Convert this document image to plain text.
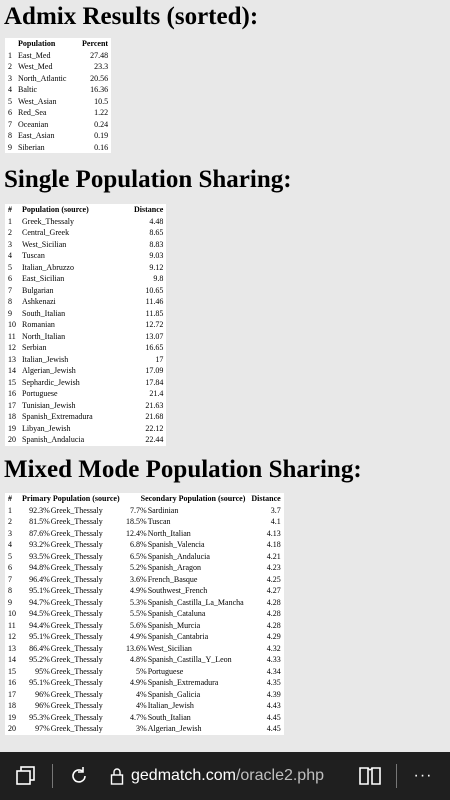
Admix Results (sorted):
	Population	Percent
1	East_Med	27.48
2	West_Med	23.3
3	North_Atlantic	20.56
4	Baltic	16.36
5	West_Asian	10.5
6	Red_Sea	1.22
7	Oceanian	0.24
8	East_Asian	0.19
9	Siberian	0.16
Single Population Sharing:
#	Population (source)	Distance
1	Greek_Thessaly	4.48
2	Central_Greek	8.65
3	West_Sicilian	8.83
4	Tuscan	9.03
5	Italian_Abruzzo	9.12
6	East_Sicilian	9.8
7	Bulgarian	10.65
8	Ashkenazi	11.46
9	South_Italian	11.85
10	Romanian	12.72
11	North_Italian	13.07
12	Serbian	16.65
13	Italian_Jewish	17
14	Algerian_Jewish	17.09
15	Sephardic_Jewish	17.84
16	Portuguese	21.4
17	Tunisian_Jewish	21.63
18	Spanish_Extremadura	21.68
19	Libyan_Jewish	22.12
20	Spanish_Andalucia	22.44
Mixed Mode Population Sharing:
#	Primary Population (source)		Secondary Population (source)		Distance
1	92.3%	Greek_Thessaly	7.7%	Sardinian	3.7
2	81.5%	Greek_Thessaly	18.5%	Tuscan	4.1
3	87.6%	Greek_Thessaly	12.4%	North_Italian	4.13
4	93.2%	Greek_Thessaly	6.8%	Spanish_Valencia	4.18
5	93.5%	Greek_Thessaly	6.5%	Spanish_Andalucia	4.21
6	94.8%	Greek_Thessaly	5.2%	Spanish_Aragon	4.23
7	96.4%	Greek_Thessaly	3.6%	French_Basque	4.25
8	95.1%	Greek_Thessaly	4.9%	Southwest_French	4.27
9	94.7%	Greek_Thessaly	5.3%	Spanish_Castilla_La_Mancha	4.28
10	94.5%	Greek_Thessaly	5.5%	Spanish_Cataluna	4.28
11	94.4%	Greek_Thessaly	5.6%	Spanish_Murcia	4.28
12	95.1%	Greek_Thessaly	4.9%	Spanish_Cantabria	4.29
13	86.4%	Greek_Thessaly	13.6%	West_Sicilian	4.32
14	95.2%	Greek_Thessaly	4.8%	Spanish_Castilla_Y_Leon	4.33
15	95%	Greek_Thessaly	5%	Portuguese	4.34
16	95.1%	Greek_Thessaly	4.9%	Spanish_Extremadura	4.35
17	96%	Greek_Thessaly	4%	Spanish_Galicia	4.39
18	96%	Greek_Thessaly	4%	Italian_Jewish	4.43
19	95.3%	Greek_Thessaly	4.7%	South_Italian	4.45
20	97%	Greek_Thessaly	3%	Algerian_Jewish	4.45
gedmatch.com/oracle2.php	···
